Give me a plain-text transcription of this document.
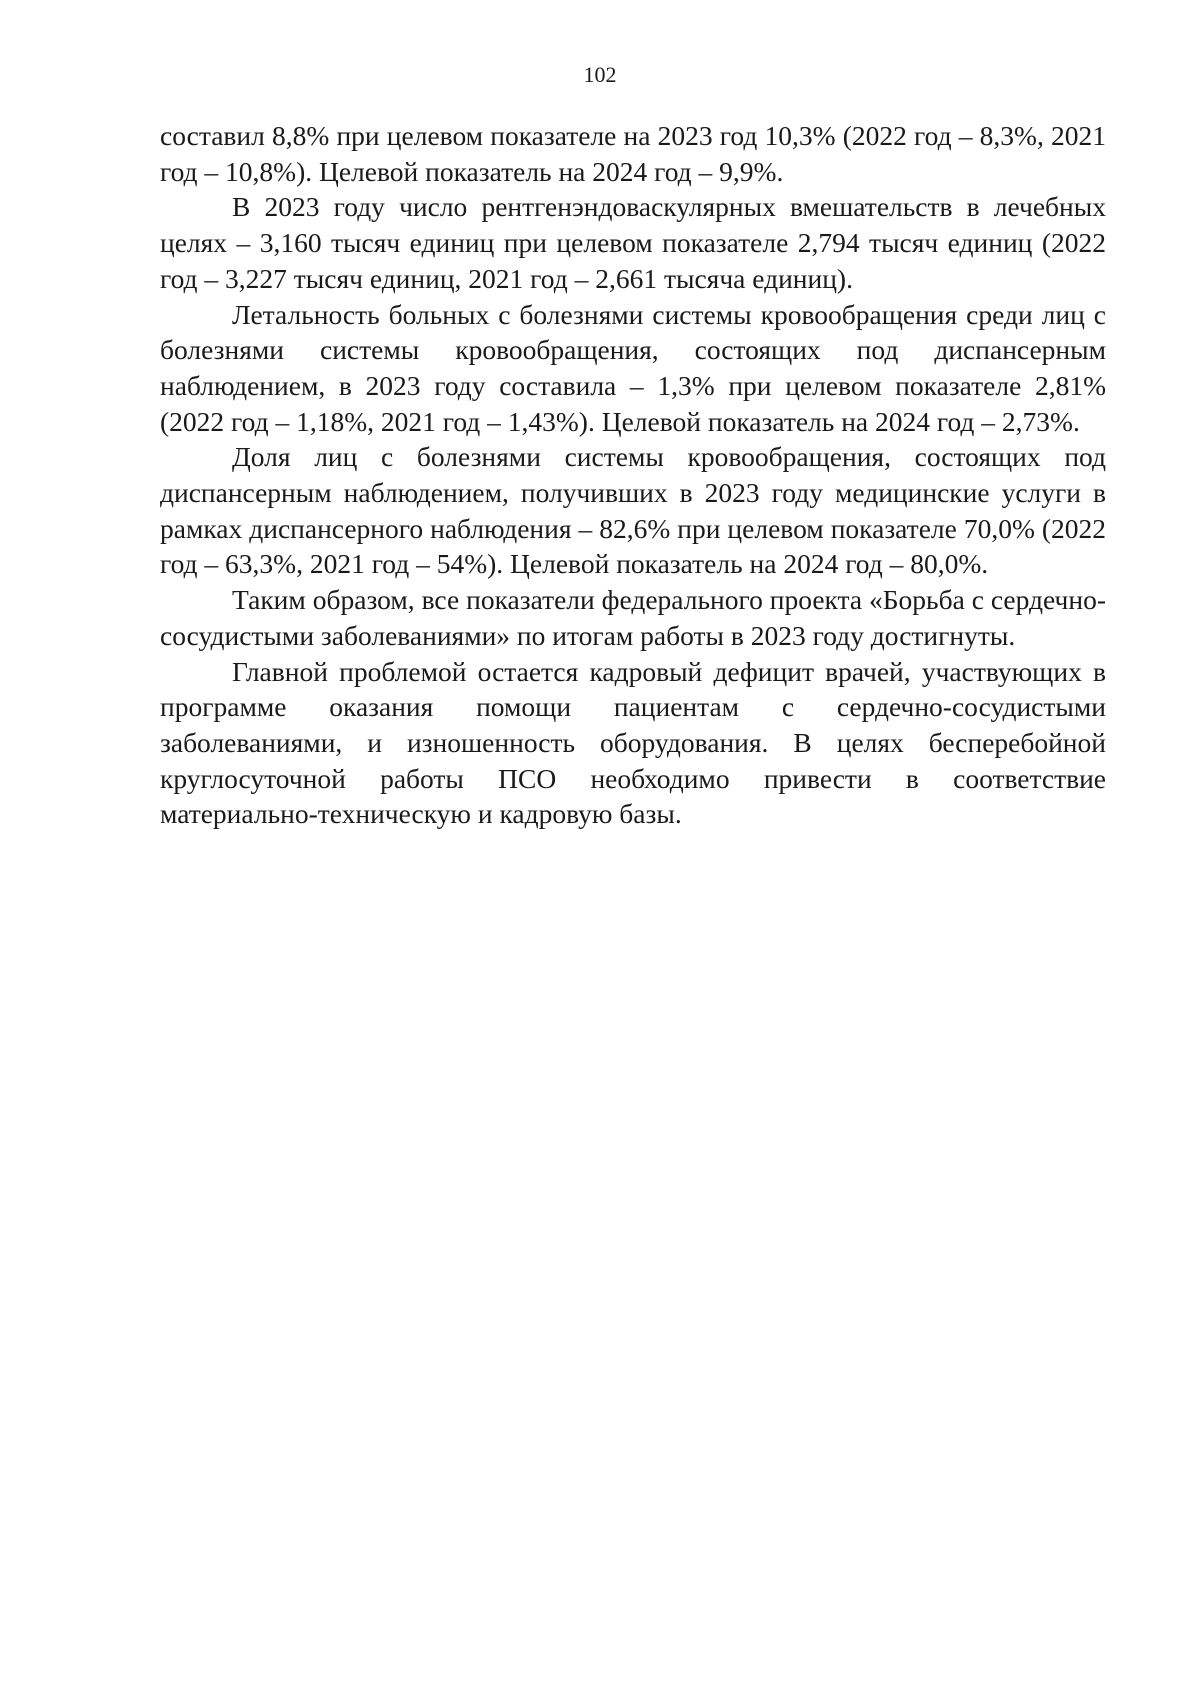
102

составил 8,8% при целевом показателе на 2023 год 10,3% (2022 год – 8,3%, 2021 год – 10,8%). Целевой показатель на 2024 год – 9,9%.

В 2023 году число рентгенэндоваскулярных вмешательств в лечебных целях – 3,160 тысяч единиц при целевом показателе 2,794 тысяч единиц (2022 год – 3,227 тысяч единиц, 2021 год – 2,661 тысяча единиц).

Летальность больных с болезнями системы кровообращения среди лиц с болезнями системы кровообращения, состоящих под диспансерным наблюдением, в 2023 году составила – 1,3% при целевом показателе 2,81% (2022 год – 1,18%, 2021 год – 1,43%). Целевой показатель на 2024 год – 2,73%.

Доля лиц с болезнями системы кровообращения, состоящих под диспансерным наблюдением, получивших в 2023 году медицинские услуги в рамках диспансерного наблюдения – 82,6% при целевом показателе 70,0% (2022 год – 63,3%, 2021 год – 54%). Целевой показатель на 2024 год – 80,0%.

Таким образом, все показатели федерального проекта «Борьба с сердечно-сосудистыми заболеваниями» по итогам работы в 2023 году достигнуты.

Главной проблемой остается кадровый дефицит врачей, участвующих в программе оказания помощи пациентам с сердечно-сосудистыми заболеваниями, и изношенность оборудования. В целях бесперебойной круглосуточной работы ПСО необходимо привести в соответствие материально-техническую и кадровую базы.
